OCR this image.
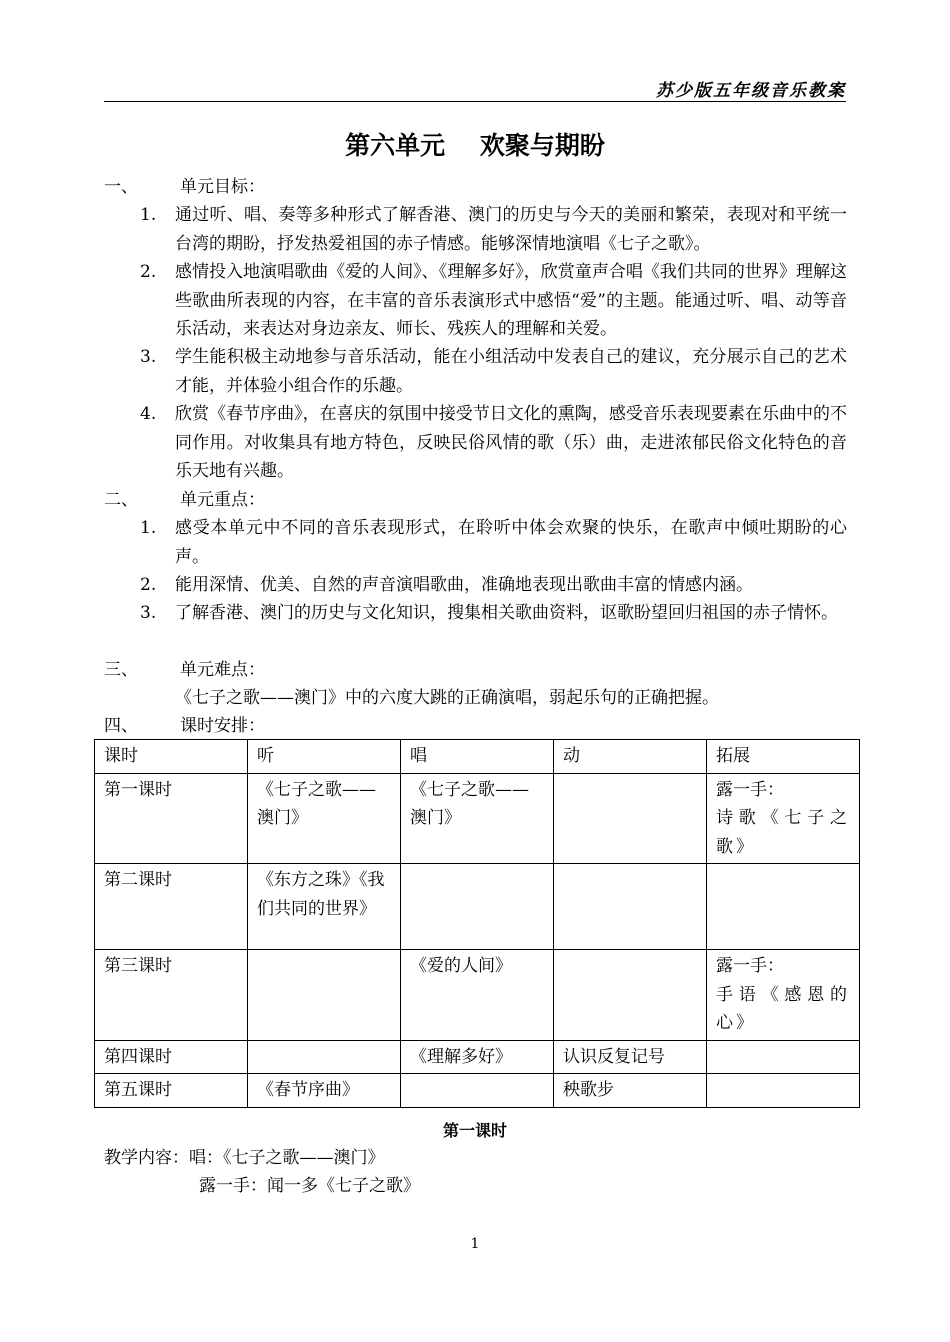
苏少版五年级音乐教案
第六单元    欢聚与期盼
一、 单元目标：
1. 通过听、唱、奏等多种形式了解香港、澳门的历史与今天的美丽和繁荣，表现对和平统一台湾的期盼，抒发热爱祖国的赤子情感。能够深情地演唱《七子之歌》。
2. 感情投入地演唱歌曲《爱的人间》、《理解多好》，欣赏童声合唱《我们共同的世界》理解这些歌曲所表现的内容，在丰富的音乐表演形式中感悟“爱”的主题。能通过听、唱、动等音乐活动，来表达对身边亲友、师长、残疾人的理解和关爱。
3. 学生能积极主动地参与音乐活动，能在小组活动中发表自己的建议，充分展示自己的艺术才能，并体验小组合作的乐趣。
4. 欣赏《春节序曲》，在喜庆的氛围中接受节日文化的熏陶，感受音乐表现要素在乐曲中的不同作用。对收集具有地方特色，反映民俗风情的歌（乐）曲，走进浓郁民俗文化特色的音乐天地有兴趣。
二、 单元重点：
1. 感受本单元中不同的音乐表现形式，在聆听中体会欢聚的快乐，在歌声中倾吐期盼的心声。
2. 能用深情、优美、自然的声音演唱歌曲，准确地表现出歌曲丰富的情感内涵。
3. 了解香港、澳门的历史与文化知识，搜集相关歌曲资料，讴歌盼望回归祖国的赤子情怀。
三、 单元难点：
《七子之歌——澳门》中的六度大跳的正确演唱，弱起乐句的正确把握。
四、 课时安排：
课时	听	唱	动	拓展
第一课时	《七子之歌——澳门》	《七子之歌——澳门》		露一手：
诗歌《七子之歌》

第二课时	《东方之珠》《我们共同的世界》			

第三课时		《爱的人间》		露一手：
手语《感恩的心》

第四课时		《理解多好》	认识反复记号	

第五课时	《春节序曲》		秧歌步	
第一课时
教学内容：唱：《七子之歌——澳门》
露一手：闻一多《七子之歌》
1
